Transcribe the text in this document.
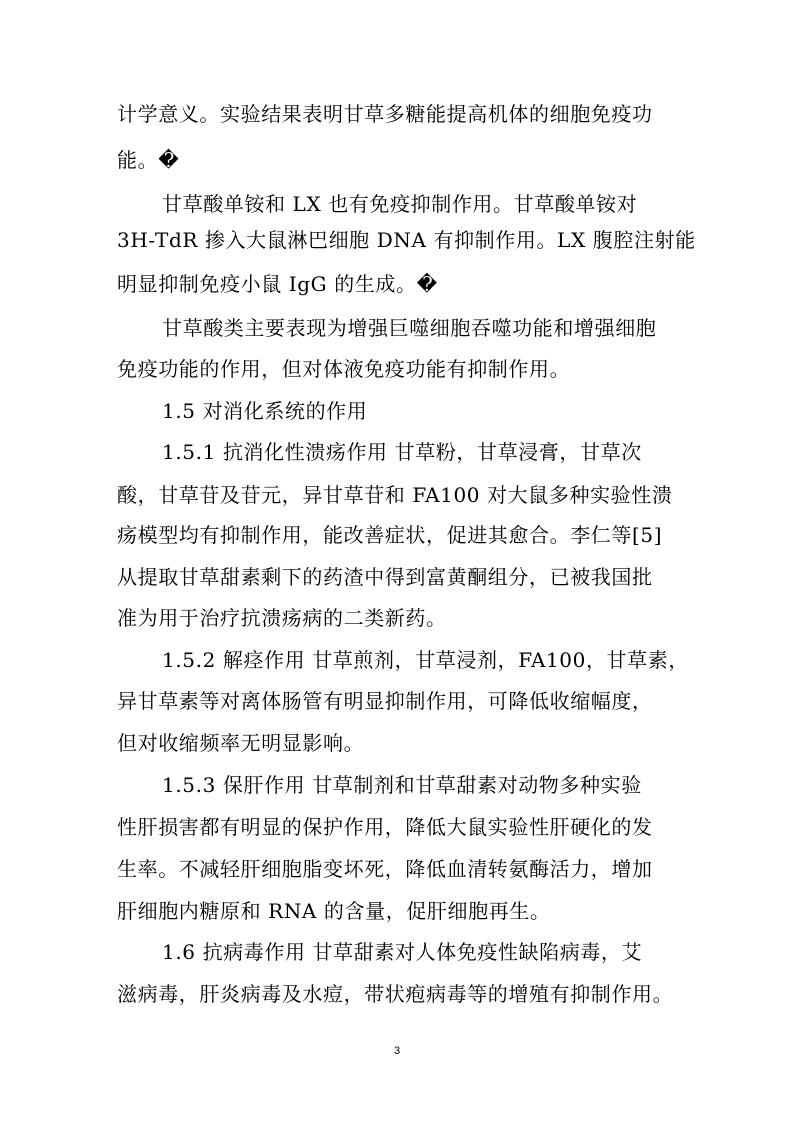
计学意义。实验结果表明甘草多糖能提高机体的细胞免疫功
能。�
甘草酸单铵和 LX 也有免疫抑制作用。甘草酸单铵对
3H-TdR 掺入大鼠淋巴细胞 DNA 有抑制作用。LX 腹腔注射能
明显抑制免疫小鼠 IgG 的生成。�
甘草酸类主要表现为增强巨噬细胞吞噬功能和增强细胞
免疫功能的作用，但对体液免疫功能有抑制作用。
1.5 对消化系统的作用
1.5.1 抗消化性溃疡作用 甘草粉，甘草浸膏，甘草次
酸，甘草苷及苷元，异甘草苷和 FA100 对大鼠多种实验性溃
疡模型均有抑制作用，能改善症状，促进其愈合。李仁等[5]
从提取甘草甜素剩下的药渣中得到富黄酮组分，已被我国批
准为用于治疗抗溃疡病的二类新药。
1.5.2 解痉作用 甘草煎剂，甘草浸剂，FA100，甘草素，
异甘草素等对离体肠管有明显抑制作用，可降低收缩幅度，
但对收缩频率无明显影响。
1.5.3 保肝作用 甘草制剂和甘草甜素对动物多种实验
性肝损害都有明显的保护作用，降低大鼠实验性肝硬化的发
生率。不减轻肝细胞脂变坏死，降低血清转氨酶活力，增加
肝细胞内糖原和 RNA 的含量，促肝细胞再生。
1.6 抗病毒作用 甘草甜素对人体免疫性缺陷病毒，艾
滋病毒，肝炎病毒及水痘，带状疱病毒等的增殖有抑制作用。
3
